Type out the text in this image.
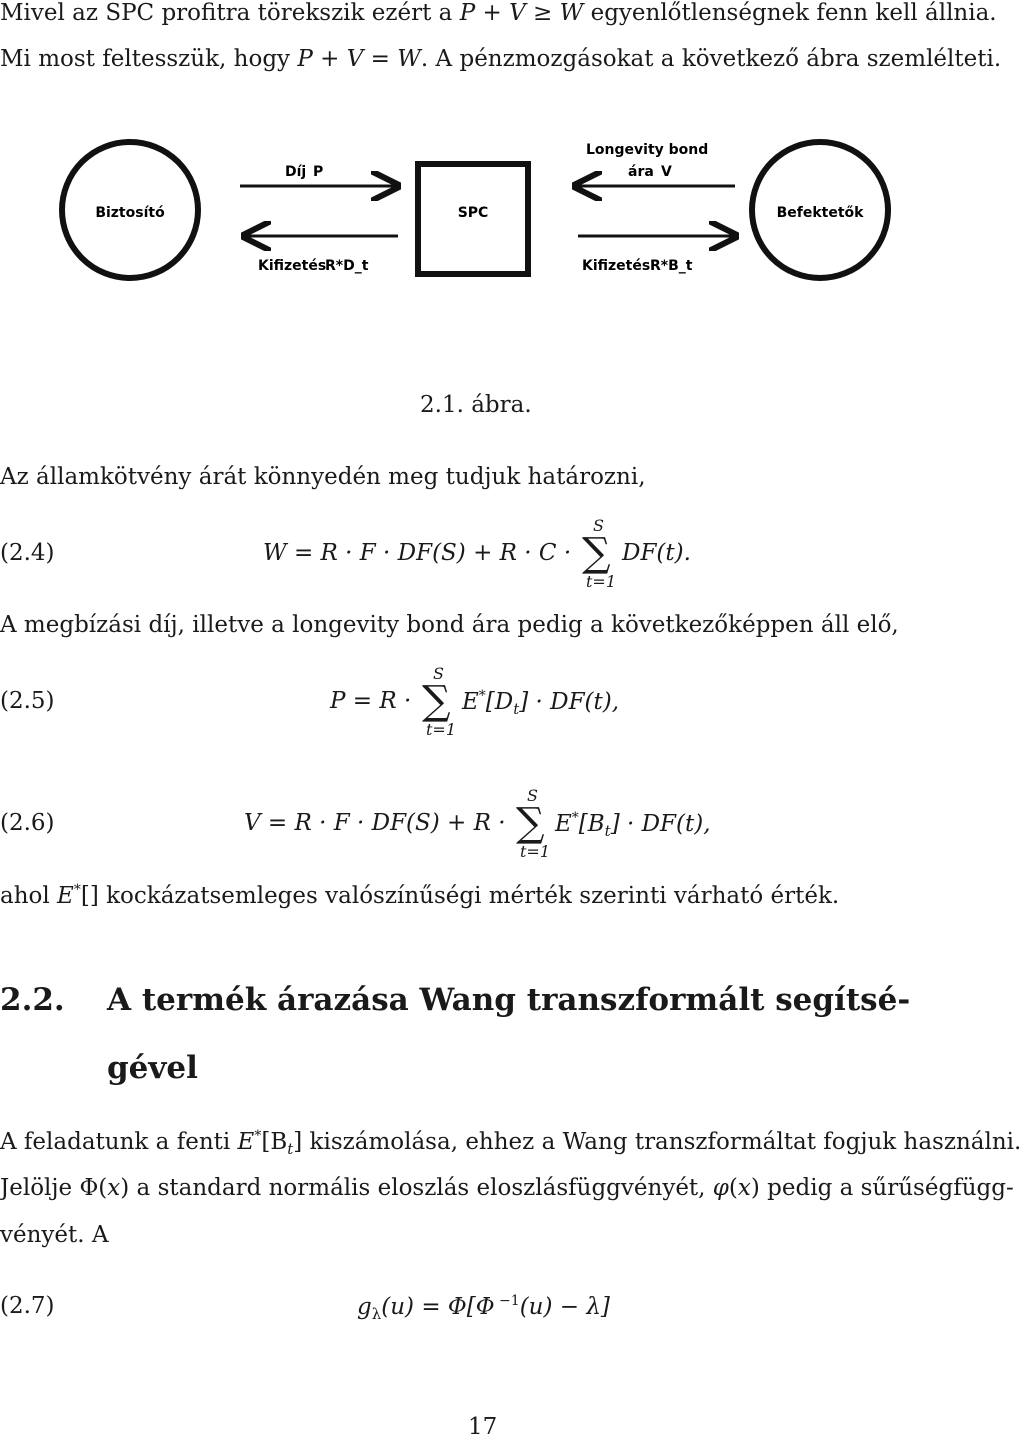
Mivel az SPC profitra törekszik ezért a P + V ≥ W egyenlőtlenségnek fenn kell állnia.
Mi most feltesszük, hogy P + V = W. A pénzmozgásokat a következő ábra szemlélteti.
Biztosító	SPC	Befektetők
Díj P
Kifizetés
R*D_t
Longevity bond
ára V
Kifizetés R*B_t
2.1. ábra.
Az államkötvény árát könnyedén meg tudjuk határozni,
(2.4)	W = R · F · DF(S) + R · C ·
S
∑
t=1
DF(t).
A megbízási díj, illetve a longevity bond ára pedig a következőképpen áll elő,
(2.5)	P = R ·
S
∑
t=1
$E^*[D_t] \cdot DF(t)$,
(2.6)	V = R · F · DF(S) + R ·
S
∑
t=1
$E^*[B_t] \cdot DF(t)$,
ahol E*[] kockázatsemleges valószínűségi mérték szerinti várható érték.
2.2. A termék árazása Wang transzformált segítsé-
gével
A feladatunk a fenti $E^*[B_t]$ kiszámolása, ehhez a Wang transzformáltat fogjuk használni.
Jelölje Φ(x) a standard normális eloszlás eloszlásfüggvényét, φ(x) pedig a sűrűségfügg-
vényét. A
(2.7)	$g_\lambda(u) = \Phi[\Phi$ $^{-1}$(u) − λ]
17
